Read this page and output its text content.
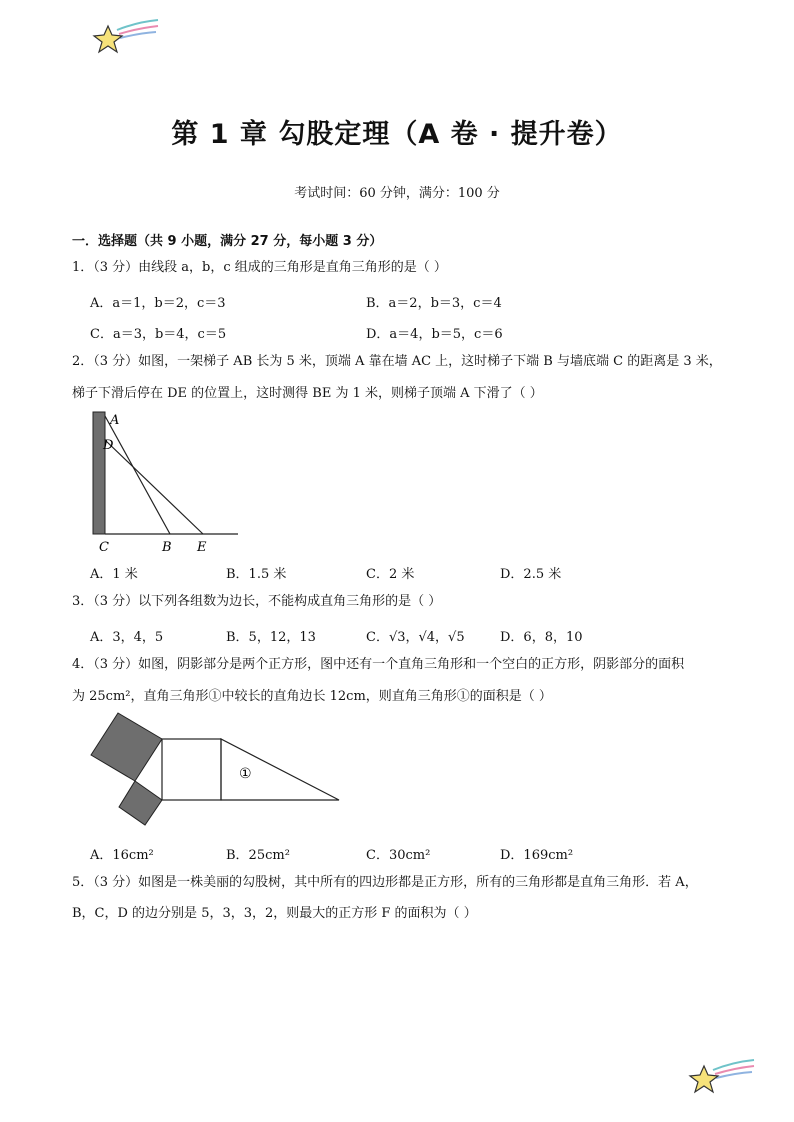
第 1 章 勾股定理（A 卷 · 提升卷）
考试时间：60 分钟，满分：100 分
一．选择题（共 9 小题，满分 27 分，每小题 3 分）
1．（3 分）由线段 a，b，c 组成的三角形是直角三角形的是（ ）
A．a＝1，b＝2，c＝3	B．a＝2，b＝3，c＝4
C．a＝3，b＝4，c＝5	D．a＝4，b＝5，c＝6
2．（3 分）如图，一架梯子 AB 长为 5 米，顶端 A 靠在墙 AC 上，这时梯子下端 B 与墙底端 C 的距离是 3 米，
梯子下滑后停在 DE 的位置上，这时测得 BE 为 1 米，则梯子顶端 A 下滑了（ ）
A
D
C	B E
A．1 米	B．1.5 米	C．2 米	D．2.5 米
3．（3 分）以下列各组数为边长，不能构成直角三角形的是（ ）
A．3，4，5	B．5，12，13	C．√3，√4，√5	D．6，8，10
4．（3 分）如图，阴影部分是两个正方形，图中还有一个直角三角形和一个空白的正方形，阴影部分的面积
为 25cm²，直角三角形①中较长的直角边长 12cm，则直角三角形①的面积是（ ）
①
A．16cm²	B．25cm²	C．30cm²	D．169cm²
5．（3 分）如图是一株美丽的勾股树，其中所有的四边形都是正方形，所有的三角形都是直角三角形．若 A，
B，C，D 的边分别是 5，3，3，2，则最大的正方形 F 的面积为（ ）
